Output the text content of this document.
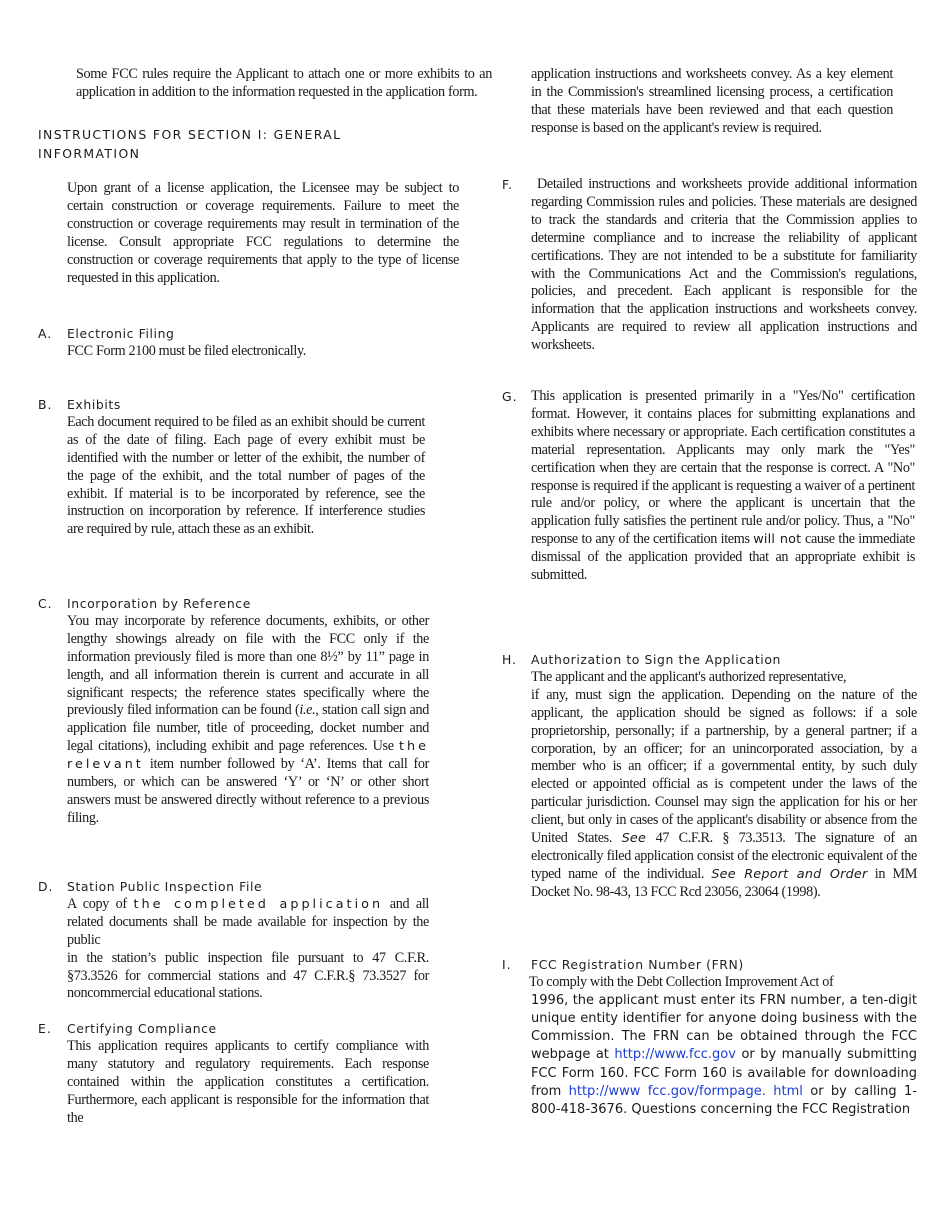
Some FCC rules require the Applicant to attach one or more exhibits to an application in addition to the information requested in the application form.

INSTRUCTIONS FOR SECTION I: GENERAL INFORMATION

Upon grant of a license application, the Licensee may be subject to certain construction or coverage requirements. Failure to meet the construction or coverage requirements may result in termination of the license. Consult appropriate FCC regulations to determine the construction or coverage requirements that apply to the type of license requested in this application.

A. Electronic Filing

FCC Form 2100 must be filed electronically.

B. Exhibits

Each document required to be filed as an exhibit should be current as of the date of filing. Each page of every exhibit must be identified with the number or letter of the exhibit, the number of the page of the exhibit, and the total number of pages of the exhibit. If material is to be incorporated by reference, see the instruction on incorporation by reference. If interference studies are required by rule, attach these as an exhibit.

C. Incorporation by Reference

You may incorporate by reference documents, exhibits, or other lengthy showings already on file with the FCC only if the information previously filed is more than one 8½” by 11” page in length, and all information therein is current and accurate in all significant respects; the reference states specifically where the previously filed information can be found (i.e., station call sign and application file number, title of proceeding, docket number and legal citations), including exhibit and page references. Use the relevant item number followed by ‘A’. Items that call for numbers, or which can be answered ‘Y’ or ‘N’ or other short answers must be answered directly without reference to a previous filing.

D. Station Public Inspection File

A copy of the completed application and all related documents shall be made available for inspection by the public

in the station’s public inspection file pursuant to 47 C.F.R. §73.3526 for commercial stations and 47 C.F.R.§ 73.3527 for noncommercial educational stations.

E. Certifying Compliance

This application requires applicants to certify compliance with many statutory and regulatory requirements. Each response contained within the application constitutes a certification. Furthermore, each applicant is responsible for the information that the

application instructions and worksheets convey. As a key element in the Commission's streamlined licensing process, a certification that these materials have been reviewed and that each question response is based on the applicant's review is required.

F.	Detailed instructions and worksheets provide additional information regarding Commission rules and policies. These materials are designed to track the standards and criteria that the Commission applies to determine compliance and to increase the reliability of applicant certifications. They are not intended to be a substitute for familiarity with the Communications Act and the Commission's regulations, policies, and precedent. Each applicant is responsible for the information that the application instructions and worksheets convey. Applicants are required to review all application instructions and worksheets.

G. This application is presented primarily in a "Yes/No" certification format. However, it contains places for submitting explanations and exhibits where necessary or appropriate. Each certification constitutes a material representation. Applicants may only mark the "Yes" certification when they are certain that the response is correct. A "No" response is required if the applicant is requesting a waiver of a pertinent rule and/or policy, or where the applicant is uncertain that the application fully satisfies the pertinent rule and/or policy. Thus, a "No" response to any of the certification items will not cause the immediate dismissal of the application provided that an appropriate exhibit is submitted.

H. Authorization to Sign the Application

The applicant and the applicant's authorized representative,

if any, must sign the application. Depending on the nature of the applicant, the application should be signed as follows: if a sole proprietorship, personally; if a partnership, by a general partner; if a corporation, by an officer; for an unincorporated association, by a member who is an officer; if a governmental entity, by such duly elected or appointed official as is competent under the laws of the particular jurisdiction. Counsel may sign the application for his or her client, but only in cases of the applicant's disability or absence from the United States. See 47 C.F.R. § 73.3513. The signature of an electronically filed application consist of the electronic equivalent of the typed name of the individual. See Report and Order in MM Docket No. 98-43, 13 FCC Rcd 23056, 23064 (1998).

I. FCC Registration Number (FRN)

To comply with the Debt Collection Improvement Act of

1996, the applicant must enter its FRN number, a ten-digit unique entity identifier for anyone doing business with the Commission. The FRN can be obtained through the FCC webpage at http://www.fcc.gov or by manually submitting FCC Form 160. FCC Form 160 is available for downloading from http://www fcc.gov/formpage. html or by calling 1-800-418-3676. Questions concerning the FCC Registration
